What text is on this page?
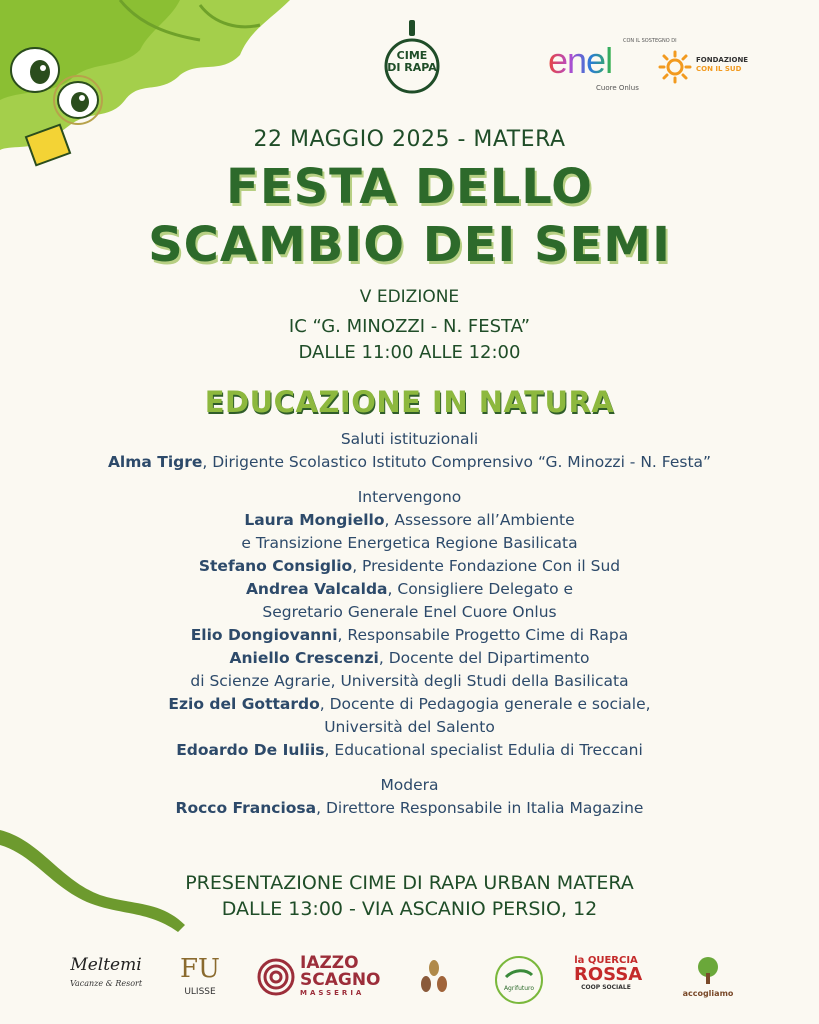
CIME
DI RAPA
CON IL SOSTEGNO DI
enel
Cuore Onlus
FONDAZIONE
CON IL SUD
22 MAGGIO 2025 - MATERA
FESTA DELLO
SCAMBIO DEI SEMI
V EDIZIONE
IC “G. MINOZZI - N. FESTA”
DALLE 11:00 ALLE 12:00
EDUCAZIONE IN NATURA
Saluti istituzionali
Alma Tigre, Dirigente Scolastico Istituto Comprensivo “G. Minozzi - N. Festa”
Intervengono
Laura Mongiello, Assessore all’Ambiente
e Transizione Energetica Regione Basilicata
Stefano Consiglio, Presidente Fondazione Con il Sud
Andrea Valcalda, Consigliere Delegato e
Segretario Generale Enel Cuore Onlus
Elio Dongiovanni, Responsabile Progetto Cime di Rapa
Aniello Crescenzi, Docente del Dipartimento
di Scienze Agrarie, Università degli Studi della Basilicata
Ezio del Gottardo, Docente di Pedagogia generale e sociale,
Università del Salento
Edoardo De Iuliis, Educational specialist Edulia di Treccani
Modera
Rocco Franciosa, Direttore Responsabile in Italia Magazine
PRESENTAZIONE CIME DI RAPA URBAN MATERA
DALLE 13:00 - VIA ASCANIO PERSIO, 12
Meltemi
Vacanze & Resort	FU
ULISSE
IAZZO
SCAGNO
MASSERIA
Agrifuturo
la QUERCIA
ROSSA
COOP SOCIALE
accogliamo
